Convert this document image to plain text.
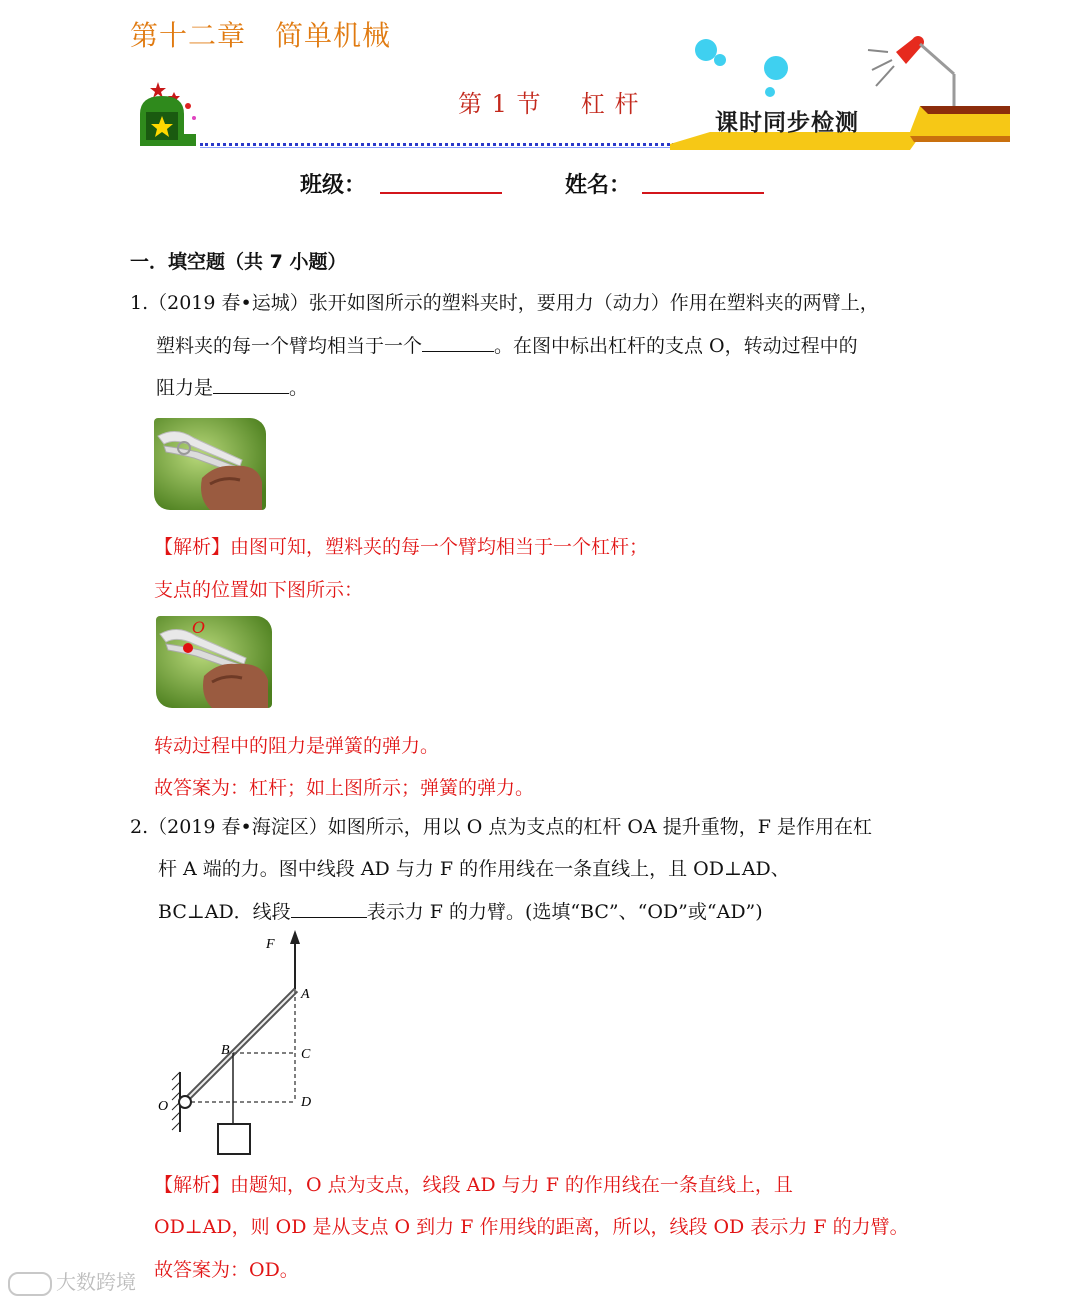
第十二章　简单机械
第 1 节 杠 杆
课时同步检测
班级：	姓名：
一．填空题（共 7 小题）
1.（2019 春•运城）张开如图所示的塑料夹时，要用力（动力）作用在塑料夹的两臂上，
塑料夹的每一个臂均相当于一个	。在图中标出杠杆的支点 O，转动过程中的
阻力是	。
【解析】由图可知，塑料夹的每一个臂均相当于一个杠杆；
支点的位置如下图所示：
O
转动过程中的阻力是弹簧的弹力。
故答案为：杠杆；如上图所示；弹簧的弹力。
2.（2019 春•海淀区）如图所示，用以 O 点为支点的杠杆 OA 提升重物，F 是作用在杠
杆 A 端的力。图中线段 AD 与力 F 的作用线在一条直线上，且 OD⊥AD、
BC⊥AD．线段	表示力 F 的力臂。(选填“BC”、“OD”或“AD”)
F
A
B	C
D
O
【解析】由题知，O 点为支点，线段 AD 与力 F 的作用线在一条直线上，且
OD⊥AD，则 OD 是从支点 O 到力 F 作用线的距离，所以，线段 OD 表示力 F 的力臂。
故答案为：OD。
大数跨境
